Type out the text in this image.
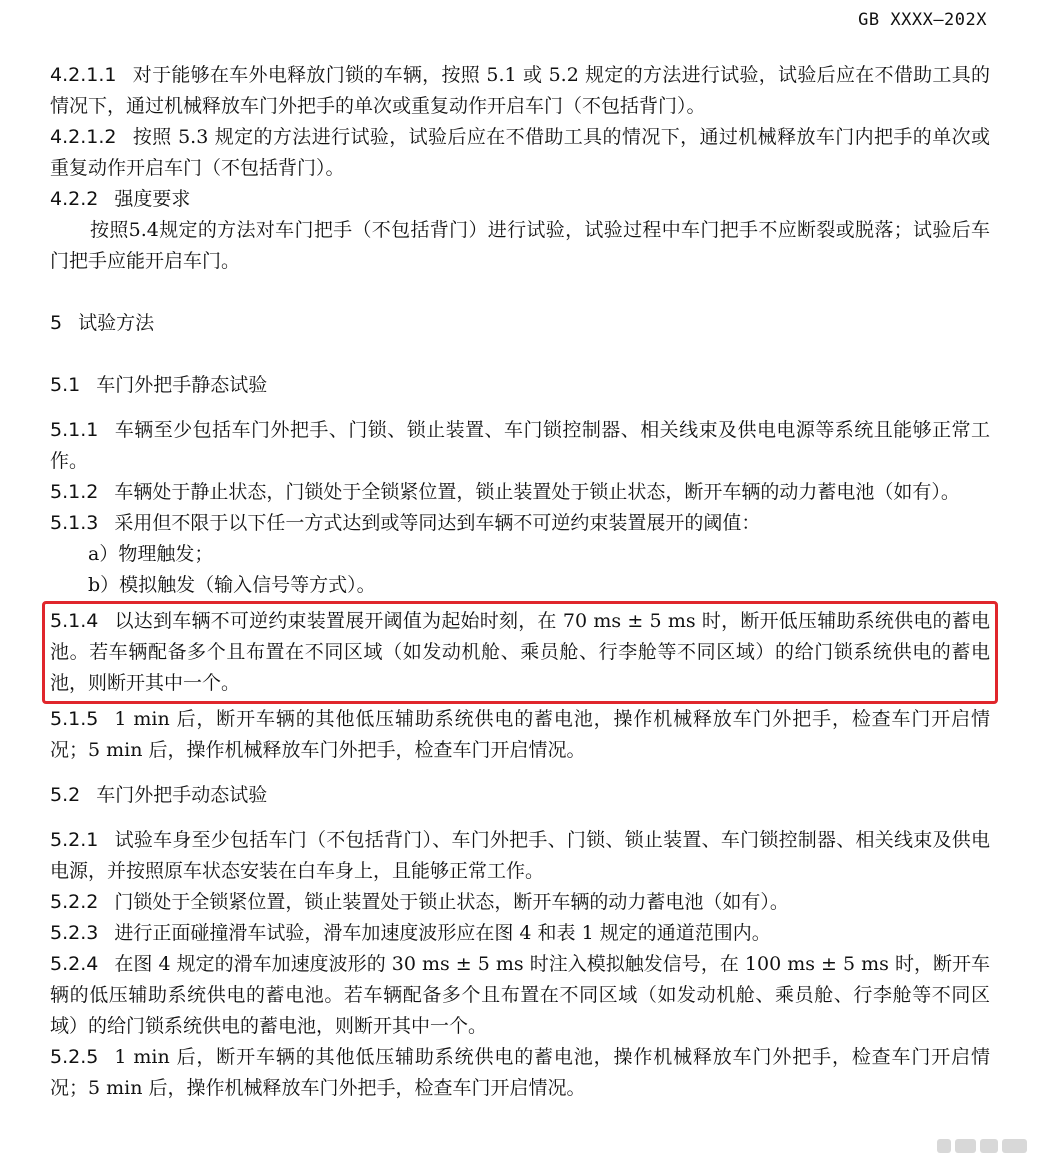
GB XXXX—202X

4.2.1.1 对于能够在车外电释放门锁的车辆，按照 5.1 或 5.2 规定的方法进行试验，试验后应在不借助工具的情况下，通过机械释放车门外把手的单次或重复动作开启车门（不包括背门）。

4.2.1.2 按照 5.3 规定的方法进行试验，试验后应在不借助工具的情况下，通过机械释放车门内把手的单次或重复动作开启车门（不包括背门）。

4.2.2 强度要求

按照5.4规定的方法对车门把手（不包括背门）进行试验，试验过程中车门把手不应断裂或脱落；试验后车门把手应能开启车门。

5 试验方法

5.1 车门外把手静态试验

5.1.1 车辆至少包括车门外把手、门锁、锁止装置、车门锁控制器、相关线束及供电电源等系统且能够正常工作。

5.1.2 车辆处于静止状态，门锁处于全锁紧位置，锁止装置处于锁止状态，断开车辆的动力蓄电池（如有）。

5.1.3 采用但不限于以下任一方式达到或等同达到车辆不可逆约束装置展开的阈值：

a）物理触发；

b）模拟触发（输入信号等方式）。

5.1.4 以达到车辆不可逆约束装置展开阈值为起始时刻，在 70 ms ± 5 ms 时，断开低压辅助系统供电的蓄电池。若车辆配备多个且布置在不同区域（如发动机舱、乘员舱、行李舱等不同区域）的给门锁系统供电的蓄电池，则断开其中一个。

5.1.5 1 min 后，断开车辆的其他低压辅助系统供电的蓄电池，操作机械释放车门外把手，检查车门开启情况；5 min 后，操作机械释放车门外把手，检查车门开启情况。

5.2 车门外把手动态试验

5.2.1 试验车身至少包括车门（不包括背门）、车门外把手、门锁、锁止装置、车门锁控制器、相关线束及供电电源，并按照原车状态安装在白车身上，且能够正常工作。

5.2.2 门锁处于全锁紧位置，锁止装置处于锁止状态，断开车辆的动力蓄电池（如有）。

5.2.3 进行正面碰撞滑车试验，滑车加速度波形应在图 4 和表 1 规定的通道范围内。

5.2.4 在图 4 规定的滑车加速度波形的 30 ms ± 5 ms 时注入模拟触发信号，在 100 ms ± 5 ms 时，断开车辆的低压辅助系统供电的蓄电池。若车辆配备多个且布置在不同区域（如发动机舱、乘员舱、行李舱等不同区域）的给门锁系统供电的蓄电池，则断开其中一个。

5.2.5 1 min 后，断开车辆的其他低压辅助系统供电的蓄电池，操作机械释放车门外把手，检查车门开启情况；5 min 后，操作机械释放车门外把手，检查车门开启情况。
